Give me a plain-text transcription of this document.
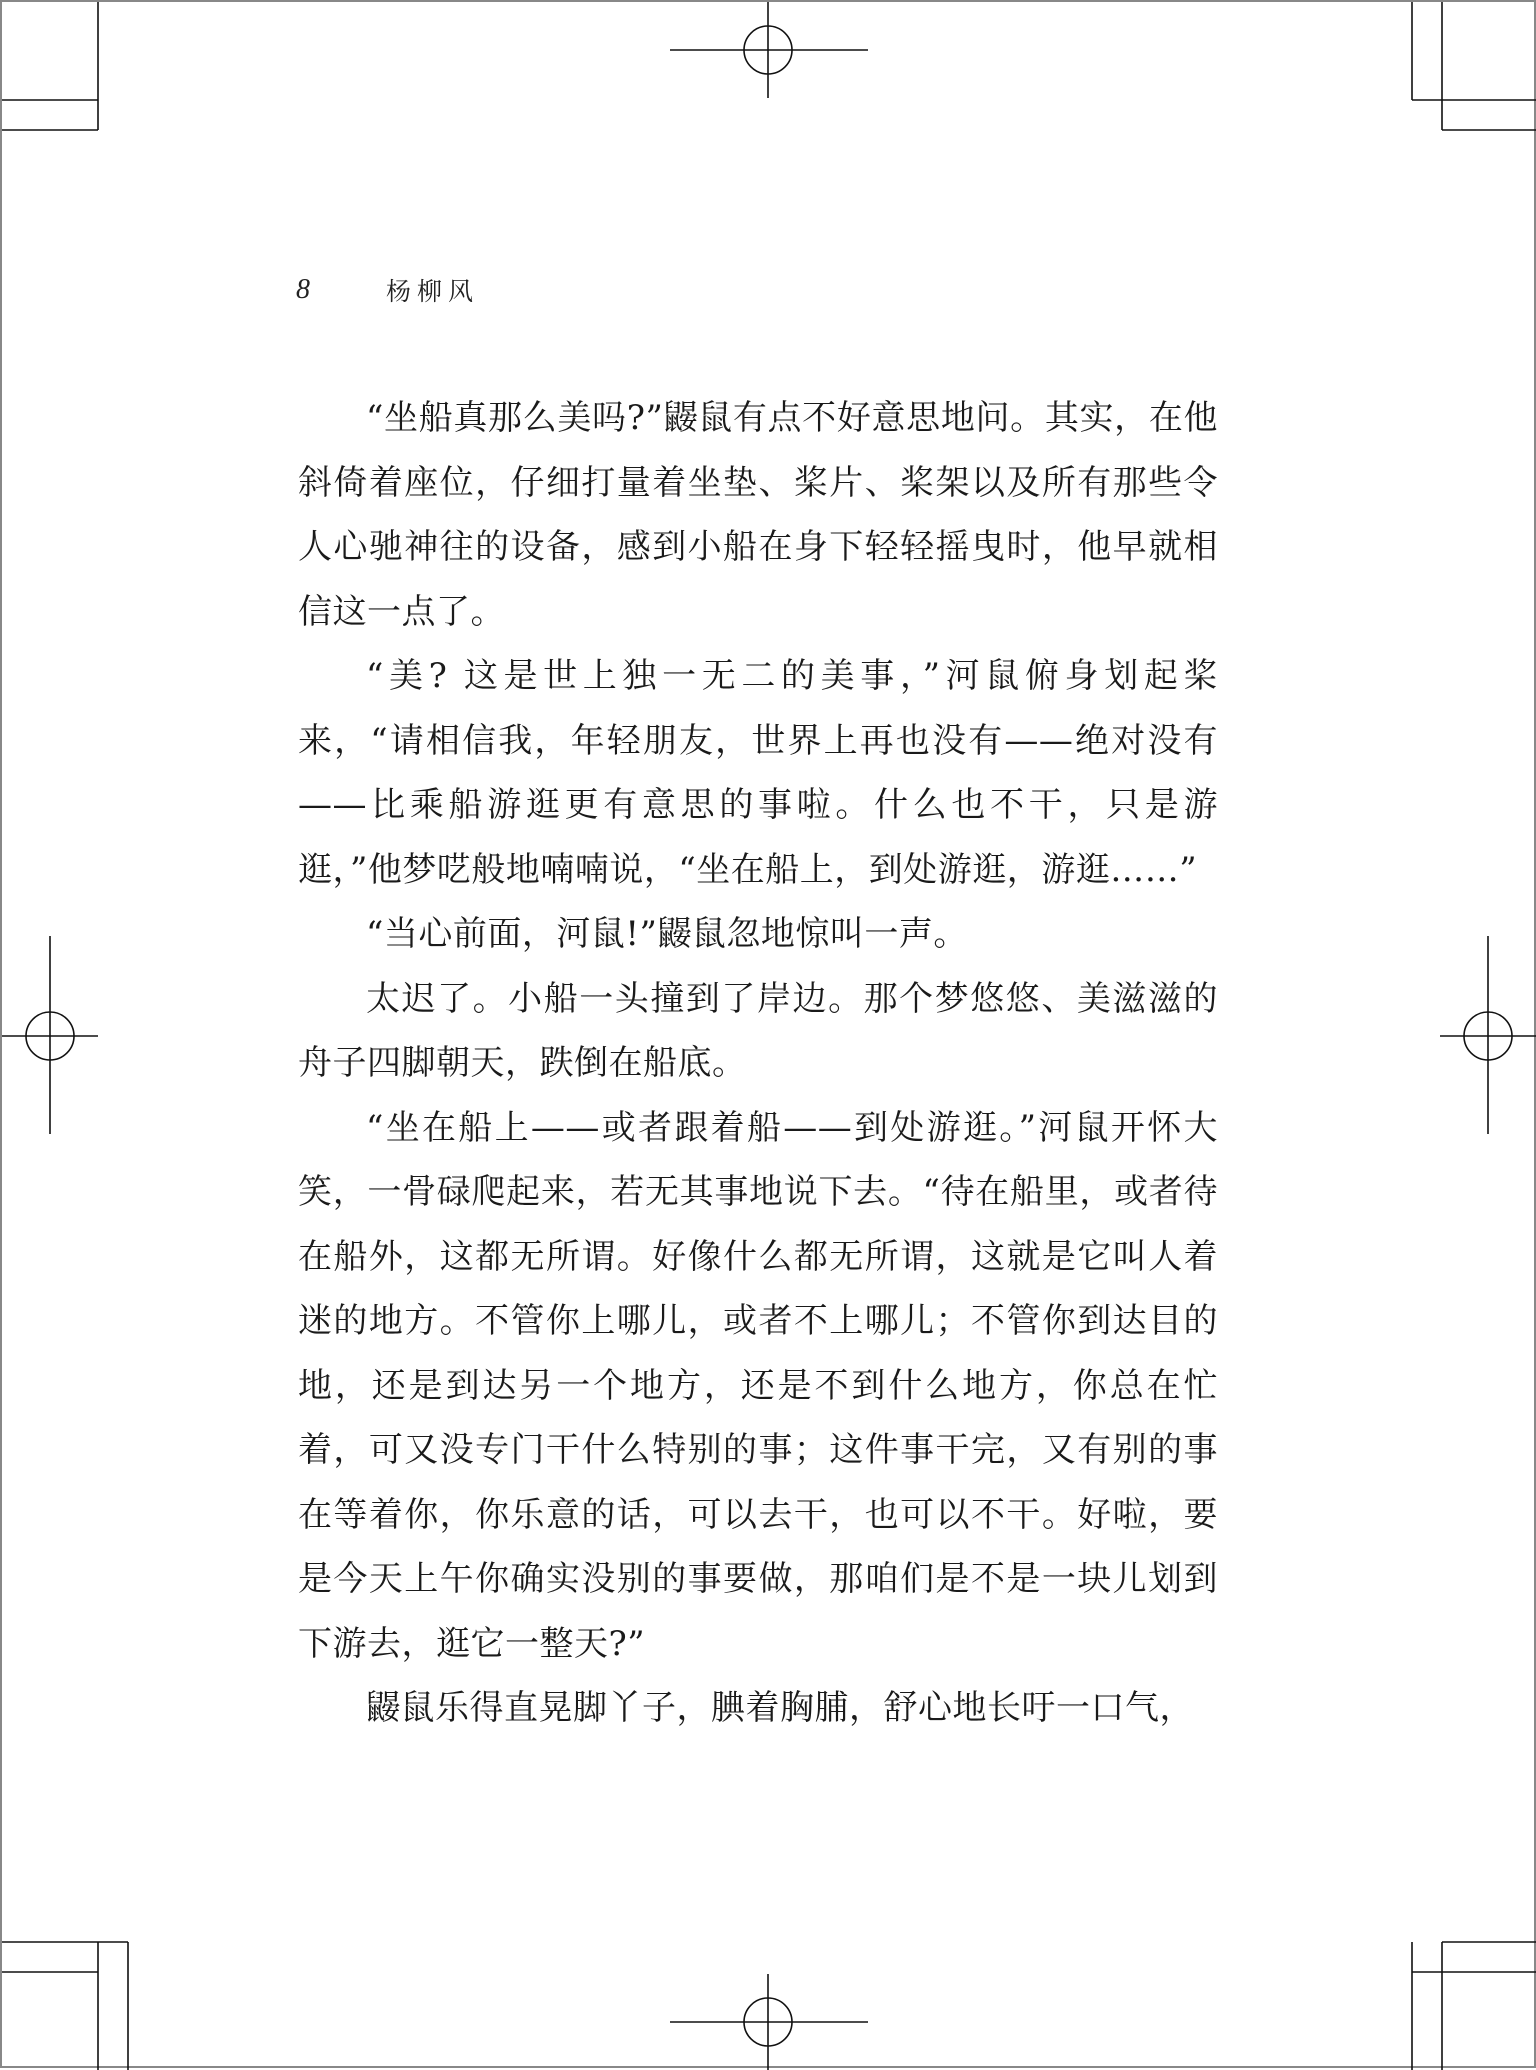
8	杨柳风

“坐船真那么美吗?”鼹鼠有点不好意思地问。其实，在他斜倚着座位，仔细打量着坐垫、桨片、桨架以及所有那些令人心驰神往的设备，感到小船在身下轻轻摇曳时，他早就相信这一点了。

“美? 这是世上独一无二的美事，”河鼠俯身划起桨来，“请相信我，年轻朋友，世界上再也没有——绝对没有——比乘船游逛更有意思的事啦。什么也不干，只是游逛，”他梦呓般地喃喃说，“坐在船上，到处游逛，游逛……”

“当心前面，河鼠!”鼹鼠忽地惊叫一声。

太迟了。小船一头撞到了岸边。那个梦悠悠、美滋滋的舟子四脚朝天，跌倒在船底。

“坐在船上——或者跟着船——到处游逛。”河鼠开怀大笑，一骨碌爬起来，若无其事地说下去。“待在船里，或者待在船外，这都无所谓。好像什么都无所谓，这就是它叫人着迷的地方。不管你上哪儿，或者不上哪儿；不管你到达目的地，还是到达另一个地方，还是不到什么地方，你总在忙着，可又没专门干什么特别的事；这件事干完，又有别的事在等着你，你乐意的话，可以去干，也可以不干。好啦，要是今天上午你确实没别的事要做，那咱们是不是一块儿划到下游去，逛它一整天?”

鼹鼠乐得直晃脚丫子，腆着胸脯，舒心地长吁一口气，
